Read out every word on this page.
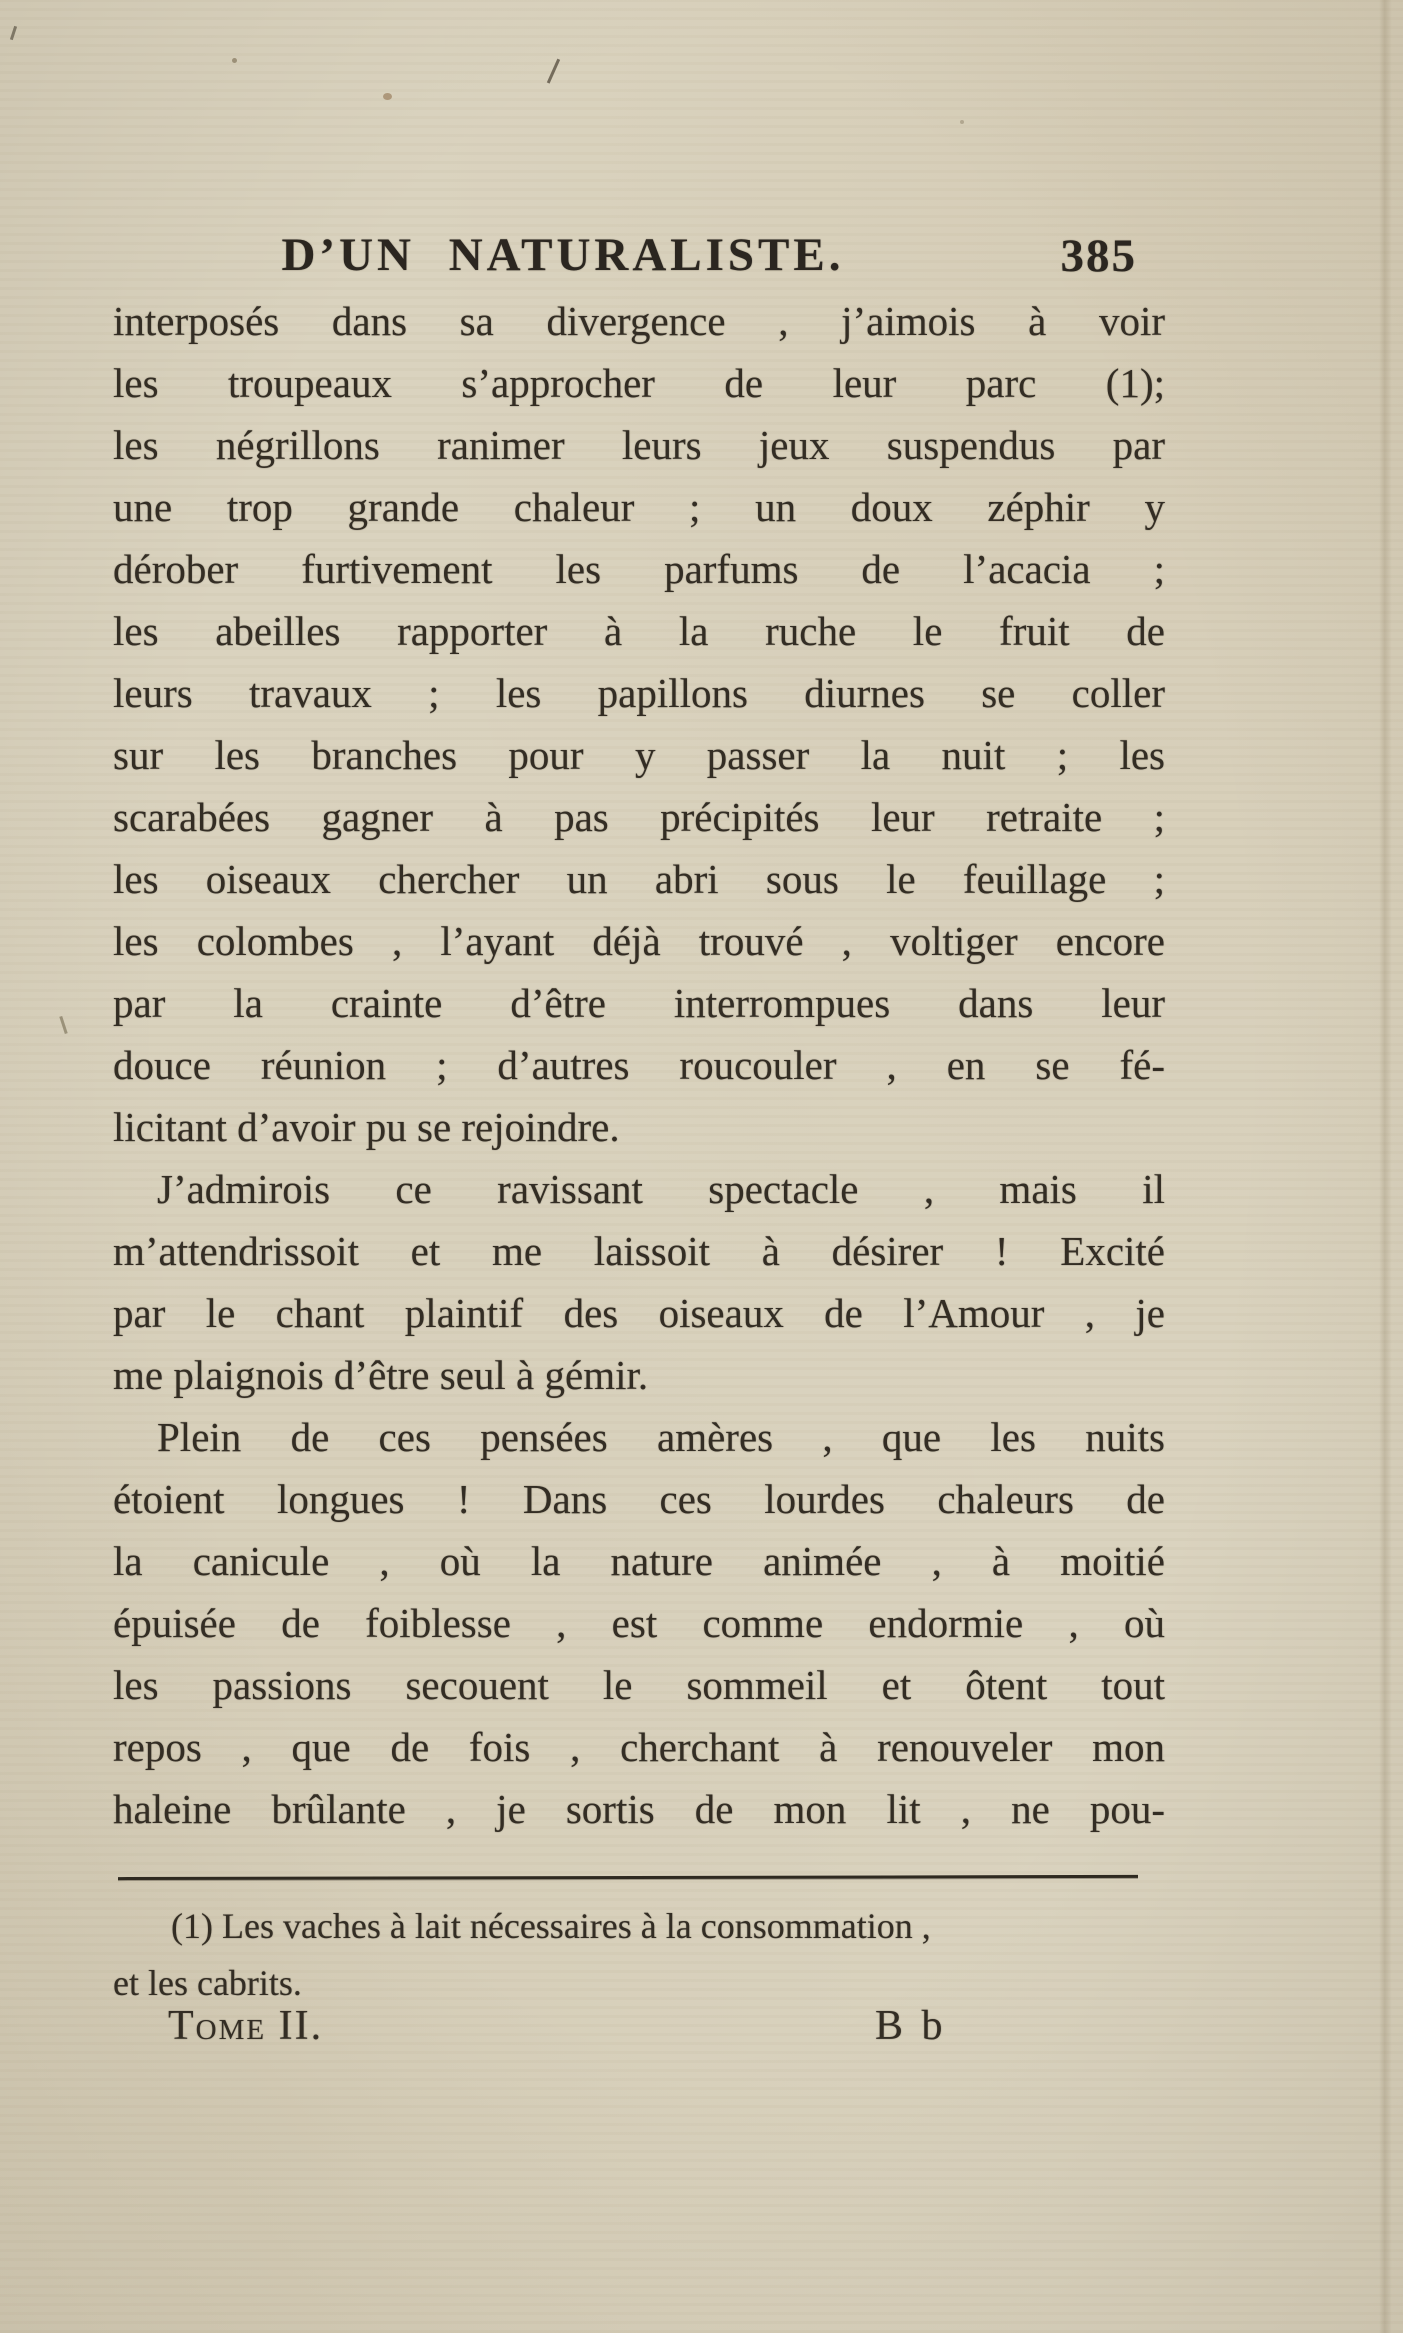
D’UN NATURALISTE.	385
interposés dans sa divergence , j’aimois à voir
les troupeaux s’approcher de leur parc (1);
les négrillons ranimer leurs jeux suspendus par
une trop grande chaleur ; un doux zéphir y
dérober furtivement les parfums de l’acacia ;
les abeilles rapporter à la ruche le fruit de
leurs travaux ; les papillons diurnes se coller
sur les branches pour y passer la nuit ; les
scarabées gagner à pas précipités leur retraite ;
les oiseaux chercher un abri sous le feuillage ;
les colombes , l’ayant déjà trouvé , voltiger encore
par la crainte d’être interrompues dans leur
douce réunion ; d’autres roucouler , en se fé-
licitant d’avoir pu se rejoindre.
J’admirois ce ravissant spectacle , mais il
m’attendrissoit et me laissoit à désirer ! Excité
par le chant plaintif des oiseaux de l’Amour , je
me plaignois d’être seul à gémir.
Plein de ces pensées amères , que les nuits
étoient longues ! Dans ces lourdes chaleurs de
la canicule , où la nature animée , à moitié
épuisée de foiblesse , est comme endormie , où
les passions secouent le sommeil et ôtent tout
repos , que de fois , cherchant à renouveler mon
haleine brûlante , je sortis de mon lit , ne pou-
(1) Les vaches à lait nécessaires à la consommation ,
et les cabrits.
Tome II.	B b
